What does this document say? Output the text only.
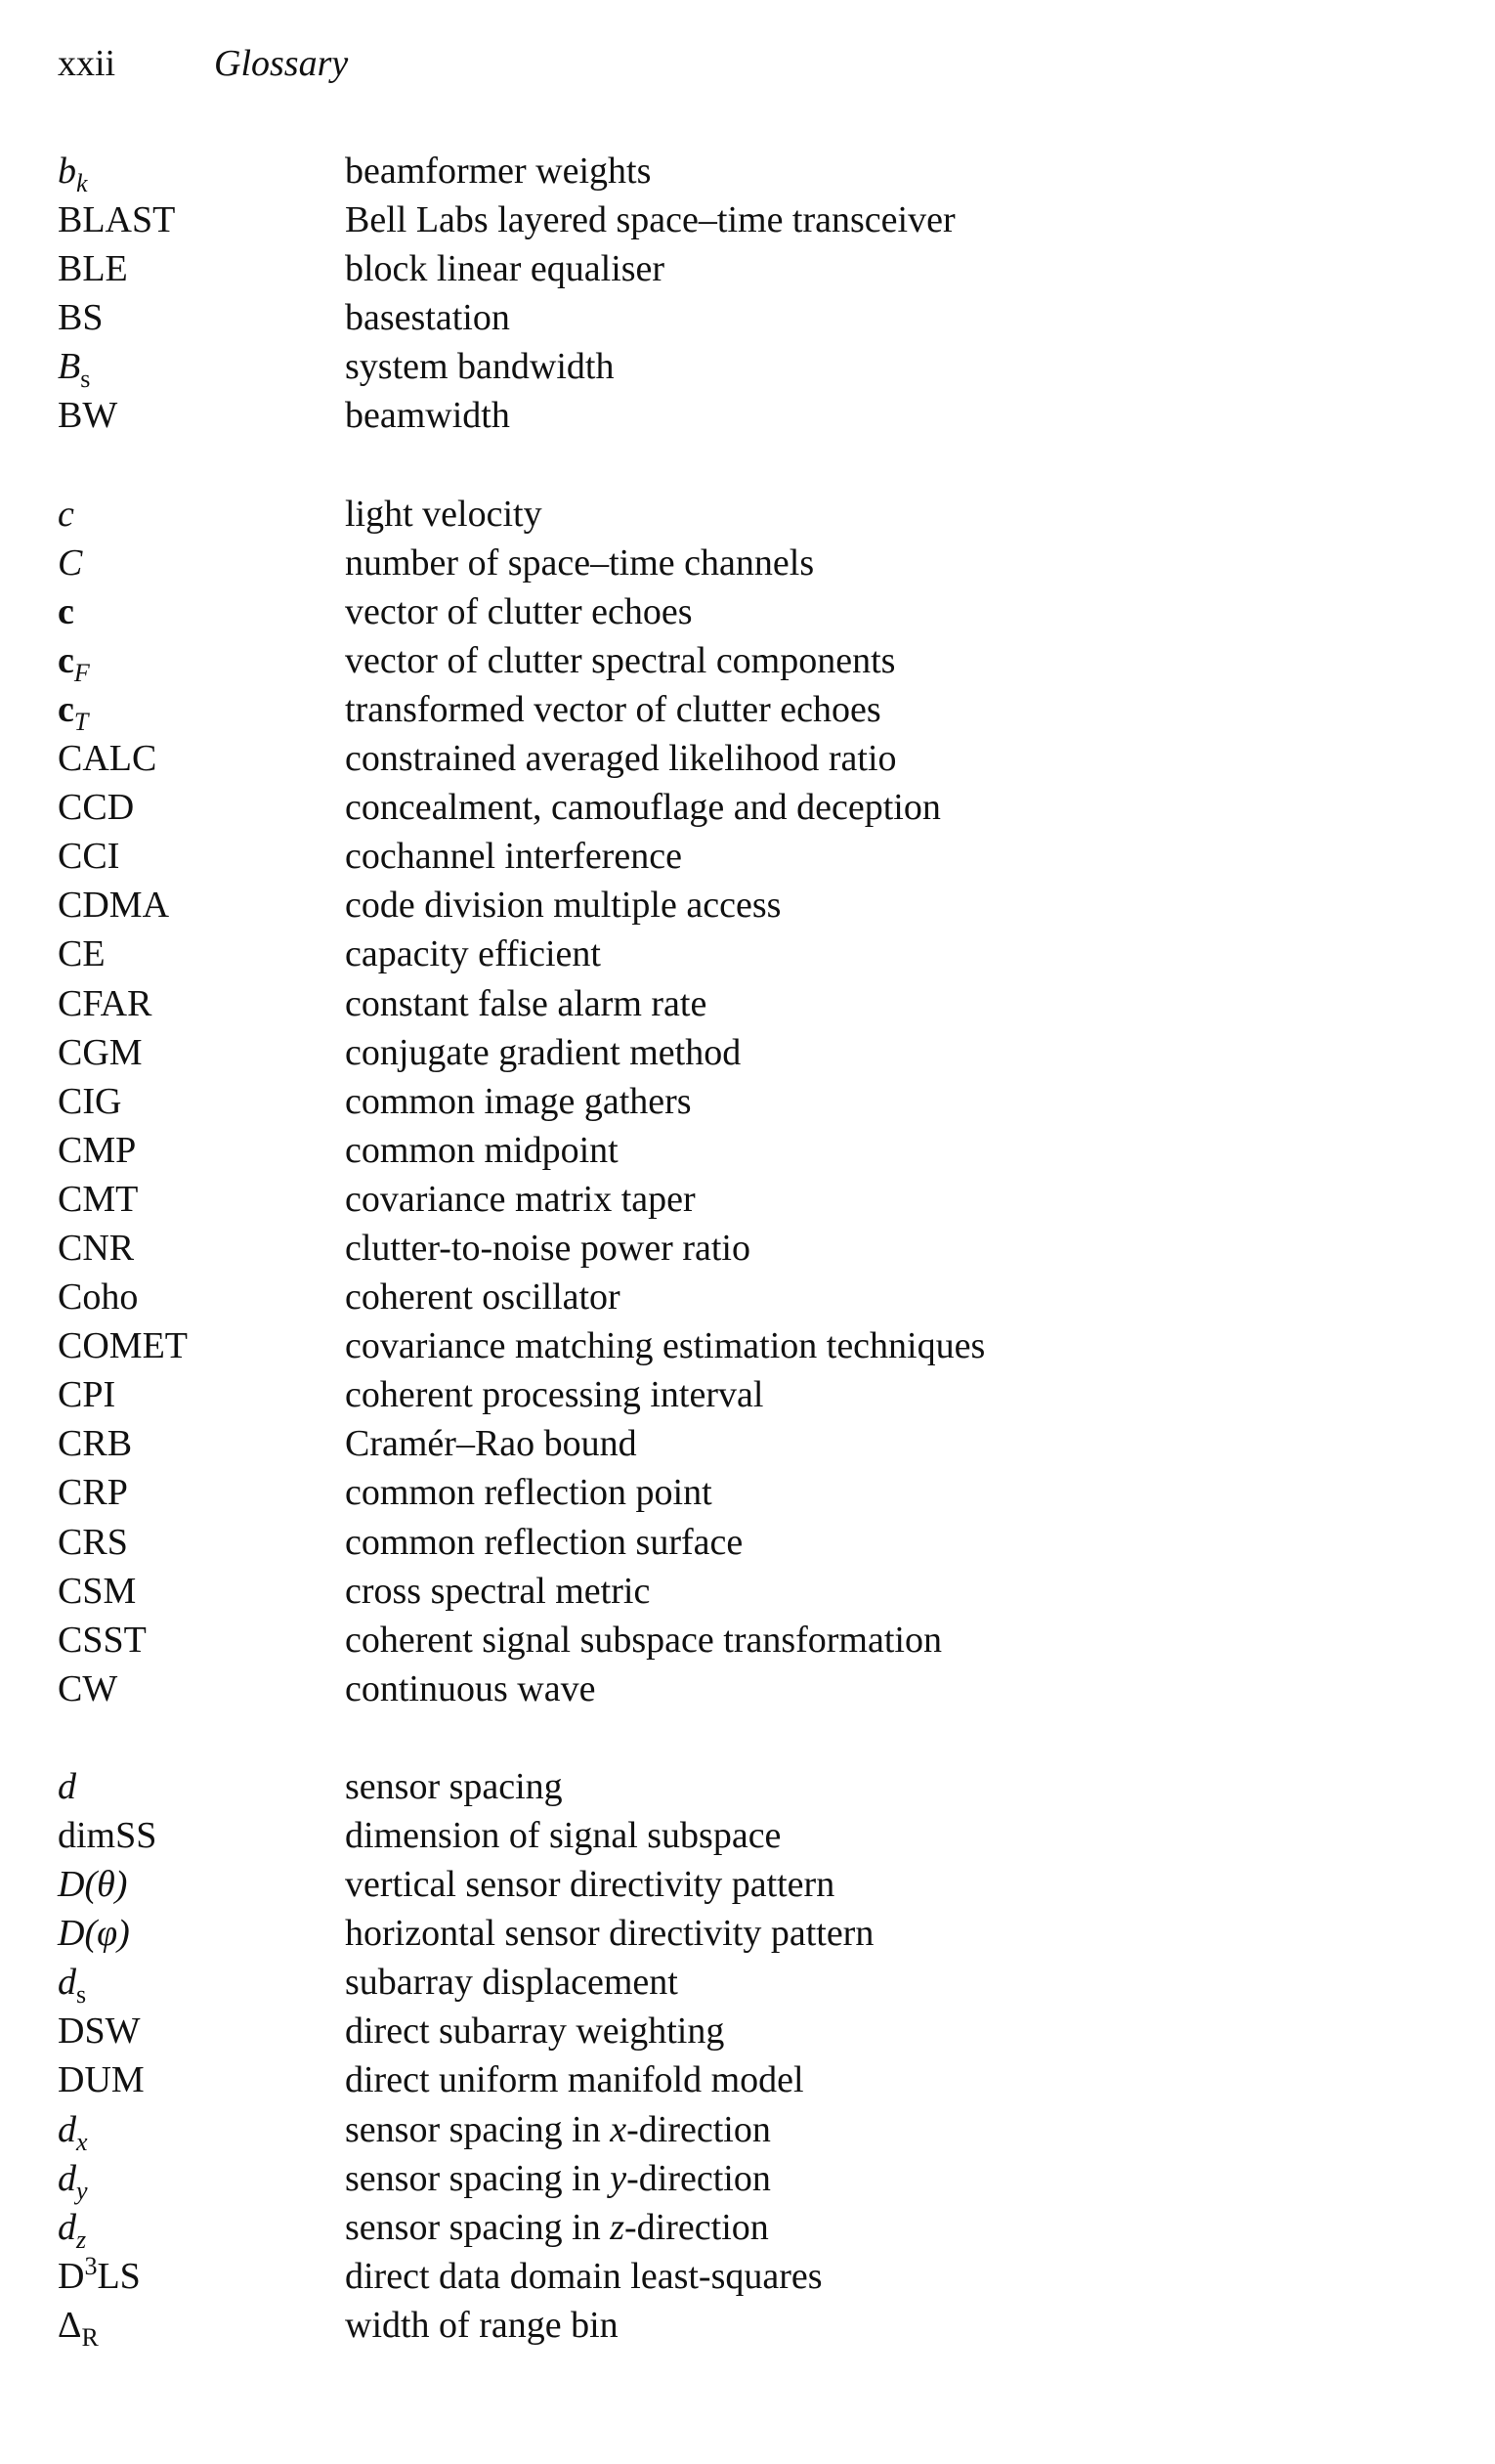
xxii	Glossary
$b_k$	beamformer weights
BLAST	Bell Labs layered space–time transceiver
BLE	block linear equaliser
BS	basestation
$B_s$	system bandwidth
BW	beamwidth
c	light velocity
C	number of space–time channels
c	vector of clutter echoes
$c_F$	vector of clutter spectral components
$c_T$	transformed vector of clutter echoes
CALC	constrained averaged likelihood ratio
CCD	concealment, camouflage and deception
CCI	cochannel interference
CDMA	code division multiple access
CE	capacity efficient
CFAR	constant false alarm rate
CGM	conjugate gradient method
CIG	common image gathers
CMP	common midpoint
CMT	covariance matrix taper
CNR	clutter-to-noise power ratio
Coho	coherent oscillator
COMET	covariance matching estimation techniques
CPI	coherent processing interval
CRB	Cramér–Rao bound
CRP	common reflection point
CRS	common reflection surface
CSM	cross spectral metric
CSST	coherent signal subspace transformation
CW	continuous wave
d	sensor spacing
dimSS	dimension of signal subspace
D(θ)	vertical sensor directivity pattern
D(φ)	horizontal sensor directivity pattern
$d_s$	subarray displacement
DSW	direct subarray weighting
DUM	direct uniform manifold model
$d_x$	sensor spacing in x-direction
$d_y$	sensor spacing in y-direction
$d_z$	sensor spacing in z-direction
$D^3LS$	direct data domain least-squares
$\Delta_R$	width of range bin
